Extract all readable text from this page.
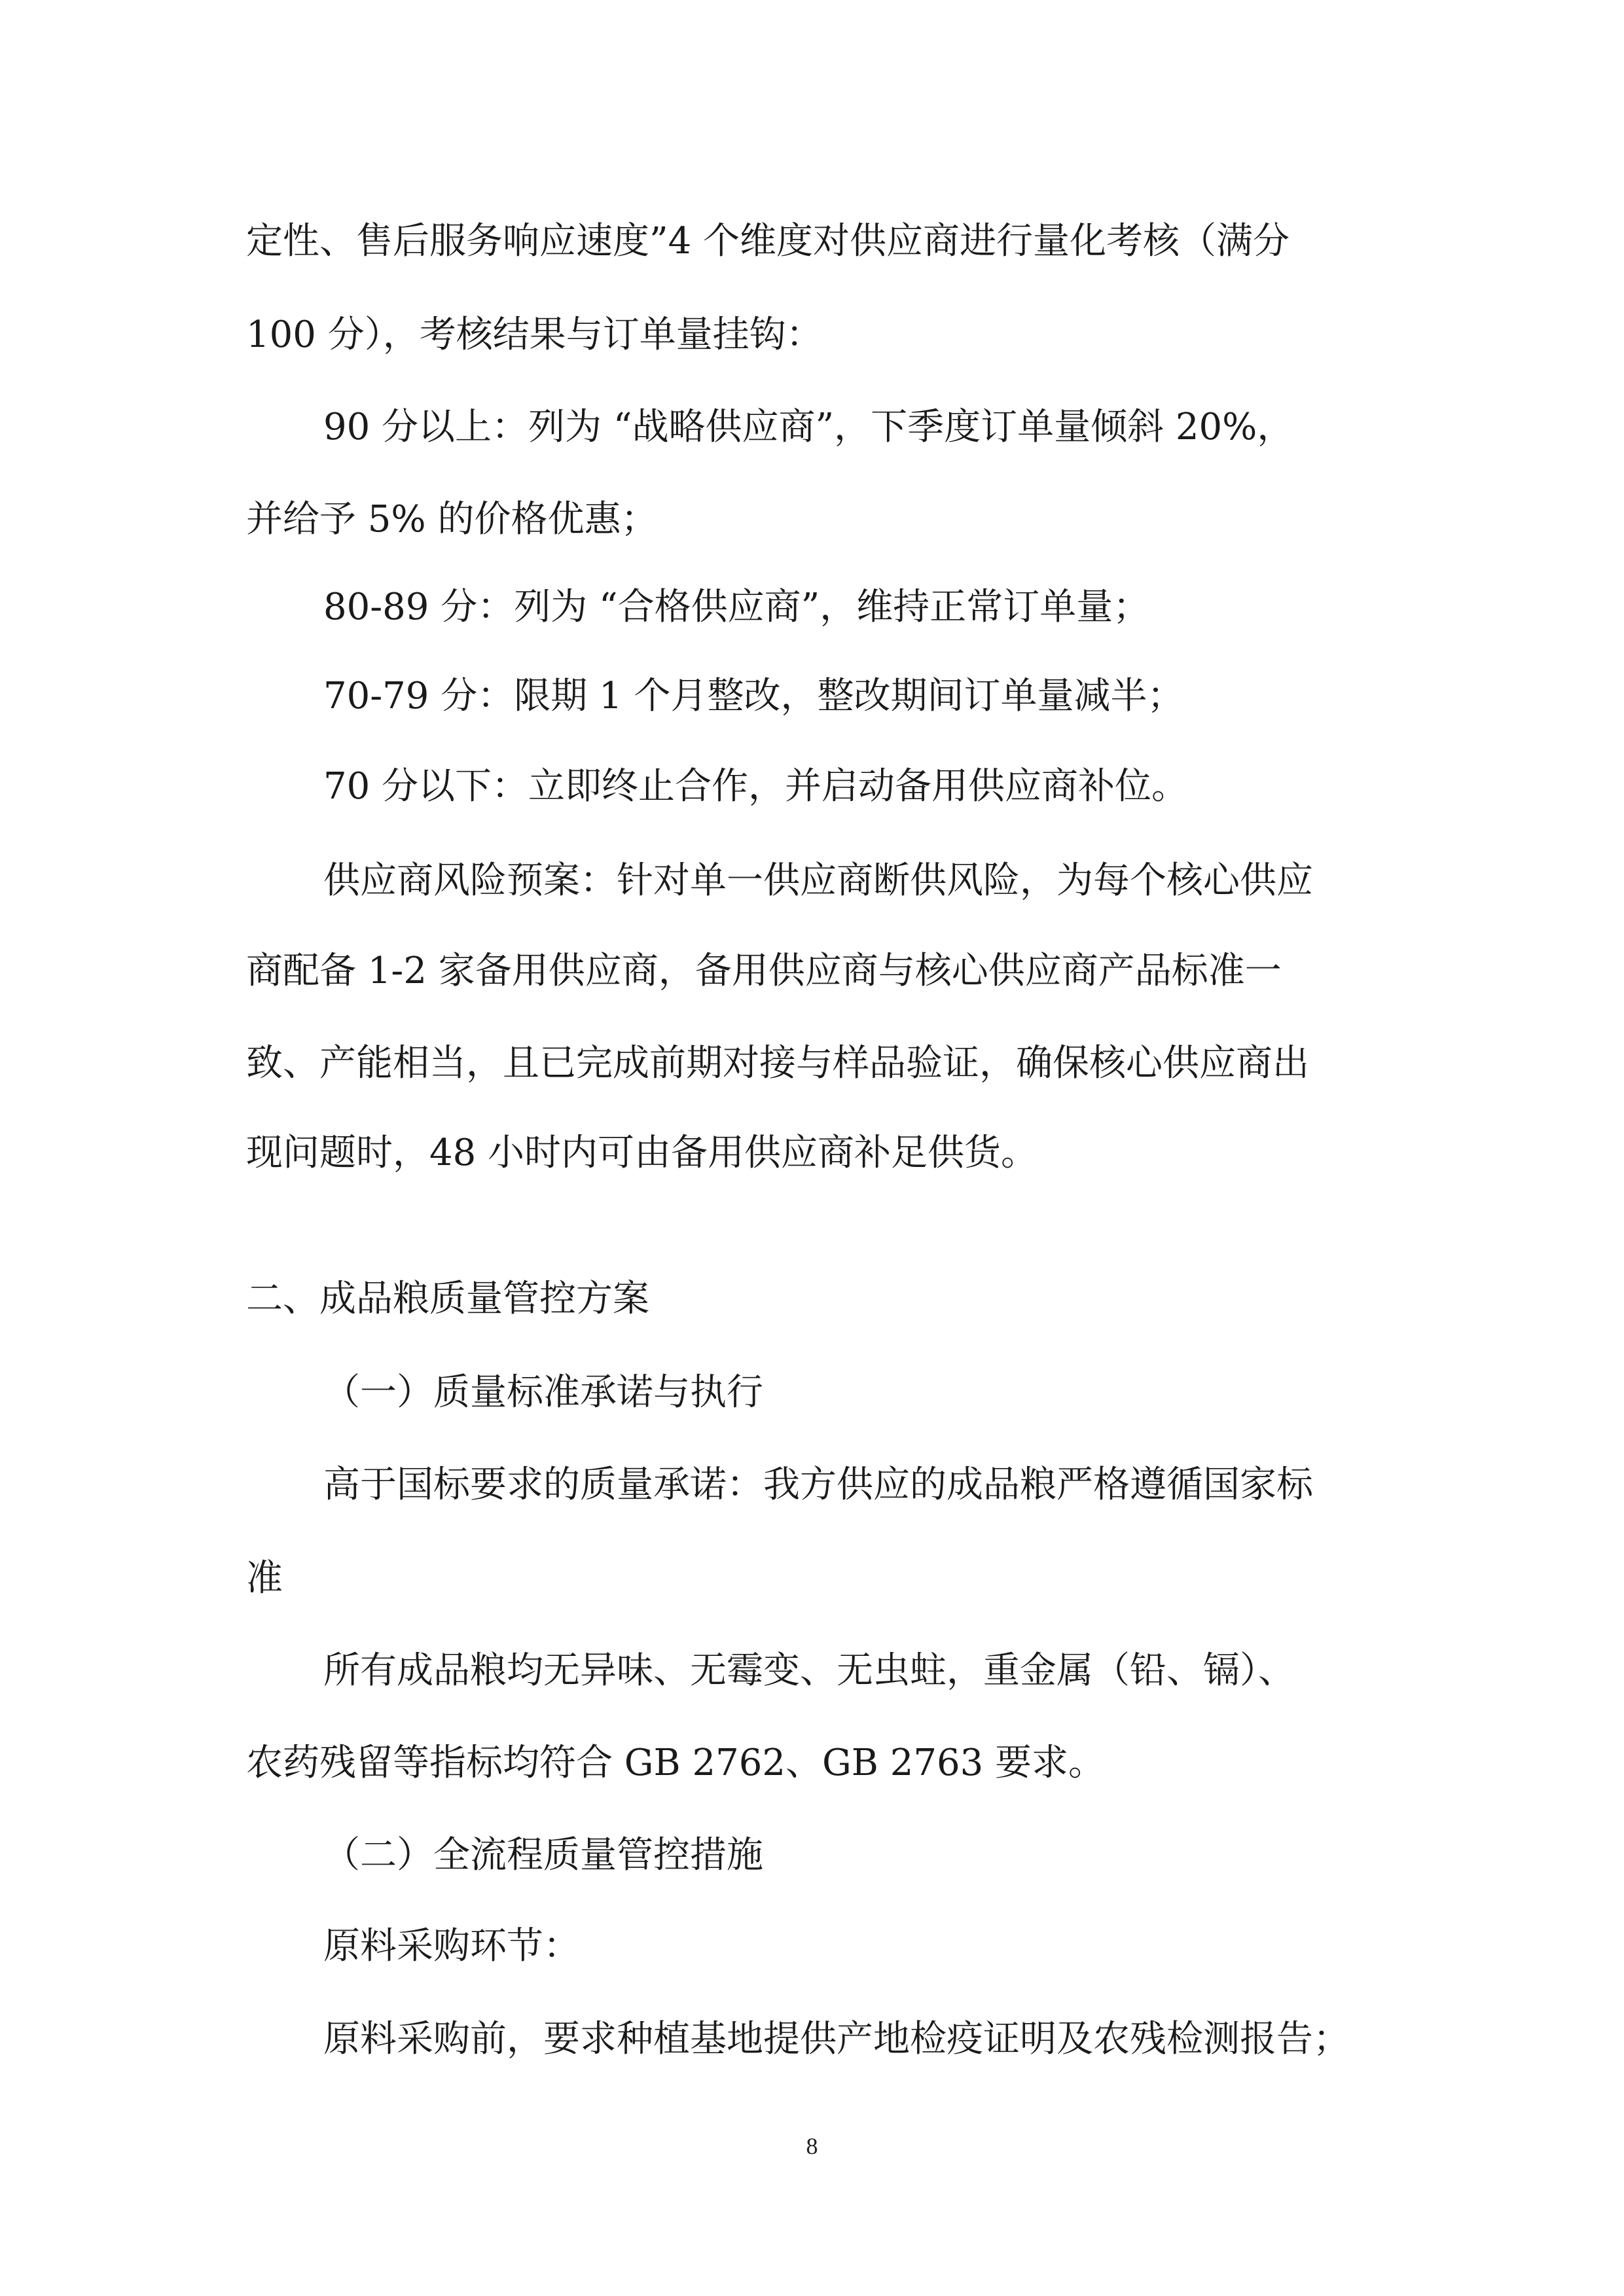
定性、售后服务响应速度”4 个维度对供应商进行量化考核（满分

100 分），考核结果与订单量挂钩：

90 分以上：列为 “战略供应商”，下季度订单量倾斜 20%，

并给予 5% 的价格优惠；

80-89 分：列为 “合格供应商”，维持正常订单量；

70-79 分：限期 1 个月整改，整改期间订单量减半；

70 分以下：立即终止合作，并启动备用供应商补位。

供应商风险预案：针对单一供应商断供风险，为每个核心供应

商配备 1-2 家备用供应商，备用供应商与核心供应商产品标准一

致、产能相当，且已完成前期对接与样品验证，确保核心供应商出

现问题时，48 小时内可由备用供应商补足供货。

二、成品粮质量管控方案

（一）质量标准承诺与执行

高于国标要求的质量承诺：我方供应的成品粮严格遵循国家标

准

所有成品粮均无异味、无霉变、无虫蛀，重金属（铅、镉）、

农药残留等指标均符合 GB 2762、GB 2763 要求。

（二）全流程质量管控措施

原料采购环节：

原料采购前，要求种植基地提供产地检疫证明及农残检测报告；

8
